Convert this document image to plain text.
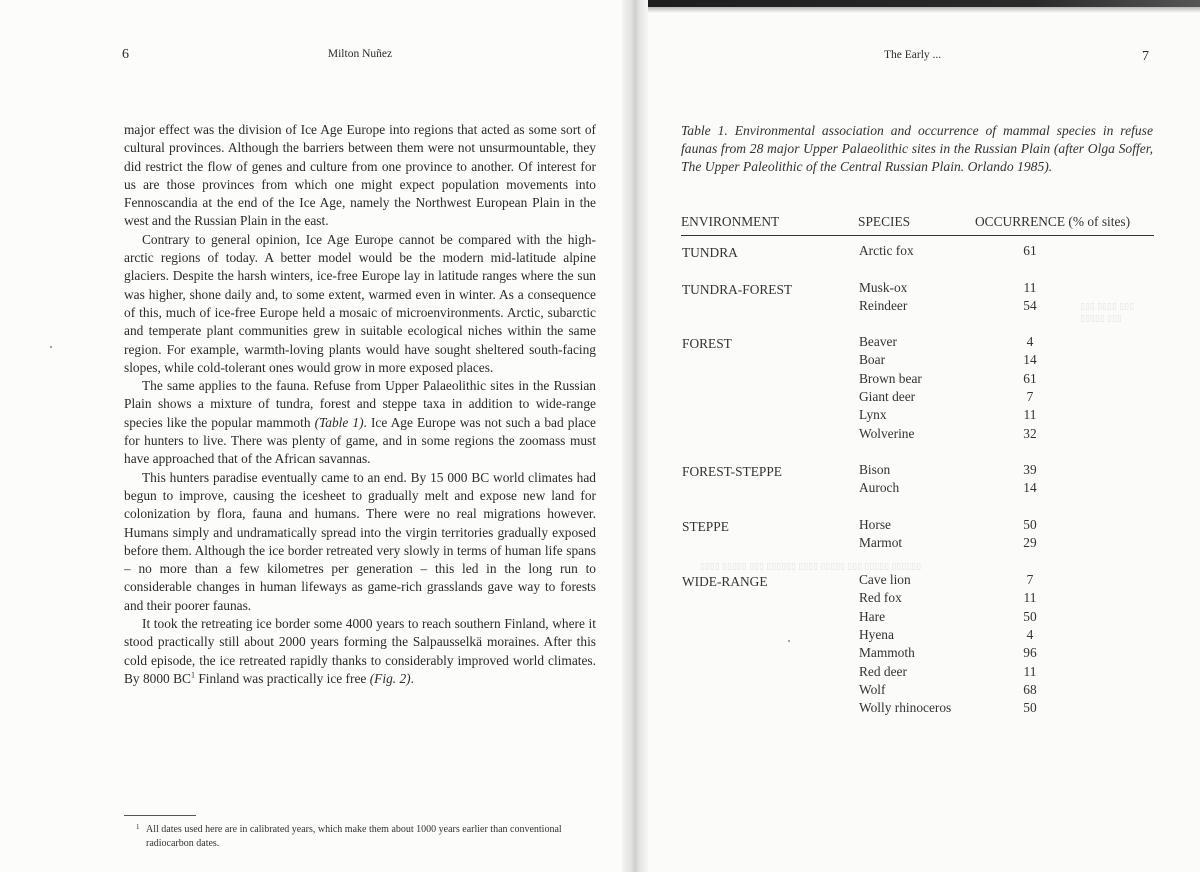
6	Milton Nuñez

major effect was the division of Ice Age Europe into regions that acted as some sort of cultural provinces. Although the barriers between them were not unsurmountable, they did restrict the flow of genes and culture from one province to another. Of interest for us are those provinces from which one might expect population movements into Fennoscandia at the end of the Ice Age, namely the Northwest European Plain in the west and the Russian Plain in the east.

Contrary to general opinion, Ice Age Europe cannot be compared with the high-arctic regions of today. A better model would be the modern mid-latitude alpine glaciers. Despite the harsh winters, ice-free Europe lay in latitude ranges where the sun was higher, shone daily and, to some extent, warmed even in winter. As a consequence of this, much of ice-free Europe held a mosaic of microenvironments. Arctic, subarctic and temperate plant communities grew in suitable ecological niches within the same region. For example, warmth-loving plants would have sought sheltered south-facing slopes, while cold-tolerant ones would grow in more exposed places.

The same applies to the fauna. Refuse from Upper Palaeolithic sites in the Russian Plain shows a mixture of tundra, forest and steppe taxa in addition to wide-range species like the popular mammoth (Table 1). Ice Age Europe was not such a bad place for hunters to live. There was plenty of game, and in some regions the zoomass must have approached that of the African savannas.

This hunters paradise eventually came to an end. By 15 000 BC world climates had begun to improve, causing the icesheet to gradually melt and expose new land for colonization by flora, fauna and humans. There were no real migrations however. Humans simply and undramatically spread into the virgin territories gradually exposed before them. Although the ice border retreated very slowly in terms of human life spans – no more than a few kilometres per generation – this led in the long run to considerable changes in human lifeways as game-rich grasslands gave way to forests and their poorer faunas.

It took the retreating ice border some 4000 years to reach southern Finland, where it stood practically still about 2000 years forming the Salpausselkä moraines. After this cold episode, the ice retreated rapidly thanks to considerably improved world climates. By 8000 BC$^1$ Finland was practically ice free (Fig. 2).

1 All dates used here are in calibrated years, which make them about 1000 years earlier than conventional radiocarbon dates.
The Early ...	7
Table 1. Environmental association and occurrence of mammal species in refuse faunas from 28 major Upper Palaeolithic sites in the Russian Plain (after Olga Soffer, The Upper Paleolithic of the Central Russian Plain. Orlando 1985).
ENVIRONMENT	SPECIES	OCCURRENCE (% of sites)
TUNDRA	Arctic fox	61
TUNDRA-FOREST	Musk-ox	11
Reindeer	54
FOREST	Beaver	4
Boar	14
Brown bear	61
Giant deer	7
Lynx	11
Wolverine	32
FOREST-STEPPE	Bison	39
Auroch	14
STEPPE	Horse	50
Marmot	29
WIDE-RANGE	Cave lion	7
Red fox	11
Hare	50
Hyena	4
Mammoth	96
Red deer	11
Wolf	68
Wolly rhinoceros	50
